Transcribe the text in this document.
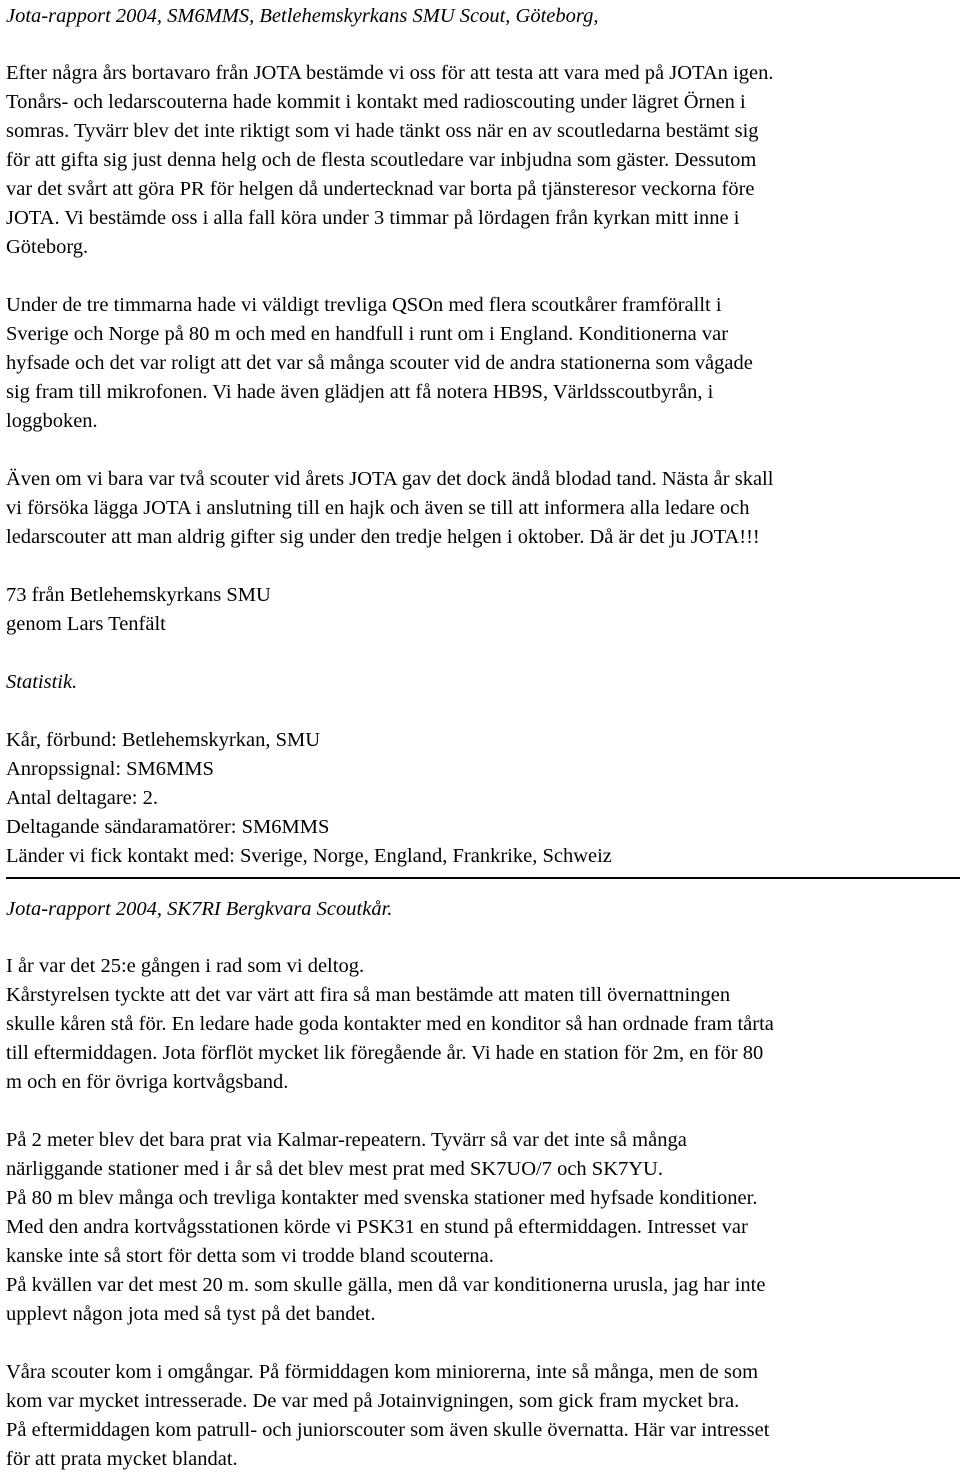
Jota-rapport 2004, SM6MMS, Betlehemskyrkans SMU Scout, Göteborg,
Efter några års bortavaro från JOTA bestämde vi oss för att testa att vara med på JOTAn igen.
Tonårs- och ledarscouterna hade kommit i kontakt med radioscouting under lägret Örnen i
somras. Tyvärr blev det inte riktigt som vi hade tänkt oss när en av scoutledarna bestämt sig
för att gifta sig just denna helg och de flesta scoutledare var inbjudna som gäster. Dessutom
var det svårt att göra PR för helgen då undertecknad var borta på tjänsteresor veckorna före
JOTA. Vi bestämde oss i alla fall köra under 3 timmar på lördagen från kyrkan mitt inne i
Göteborg.
Under de tre timmarna hade vi väldigt trevliga QSOn med flera scoutkårer framförallt i
Sverige och Norge på 80 m och med en handfull i runt om i England. Konditionerna var
hyfsade och det var roligt att det var så många scouter vid de andra stationerna som vågade
sig fram till mikrofonen. Vi hade även glädjen att få notera HB9S, Världsscoutbyrån, i
loggboken.
Även om vi bara var två scouter vid årets JOTA gav det dock ändå blodad tand. Nästa år skall
vi försöka lägga JOTA i anslutning till en hajk och även se till att informera alla ledare och
ledarscouter att man aldrig gifter sig under den tredje helgen i oktober. Då är det ju JOTA!!!
73 från Betlehemskyrkans SMU
genom Lars Tenfält
Statistik.
Kår, förbund: Betlehemskyrkan, SMU
Anropssignal: SM6MMS
Antal deltagare: 2.
Deltagande sändaramatörer: SM6MMS
Länder vi fick kontakt med: Sverige, Norge, England, Frankrike, Schweiz
Jota-rapport 2004, SK7RI Bergkvara Scoutkår.
I år var det 25:e gången i rad som vi deltog.
Kårstyrelsen tyckte att det var värt att fira så man bestämde att maten till övernattningen
skulle kåren stå för. En ledare hade goda kontakter med en konditor så han ordnade fram tårta
till eftermiddagen. Jota förflöt mycket lik föregående år. Vi hade en station för 2m, en för 80
m och en för övriga kortvågsband.
På 2 meter blev det bara prat via Kalmar-repeatern. Tyvärr så var det inte så många
närliggande stationer med i år så det blev mest prat med SK7UO/7 och SK7YU.
På 80 m blev många och trevliga kontakter med svenska stationer med hyfsade konditioner.
Med den andra kortvågsstationen körde vi PSK31 en stund på eftermiddagen. Intresset var
kanske inte så stort för detta som vi trodde bland scouterna.
På kvällen var det mest 20 m. som skulle gälla, men då var konditionerna urusla, jag har inte
upplevt någon jota med så tyst på det bandet.
Våra scouter kom i omgångar. På förmiddagen kom miniorerna, inte så många, men de som
kom var mycket intresserade. De var med på Jotainvigningen, som gick fram mycket bra.
På eftermiddagen kom patrull- och juniorscouter som även skulle övernatta. Här var intresset
för att prata mycket blandat.
